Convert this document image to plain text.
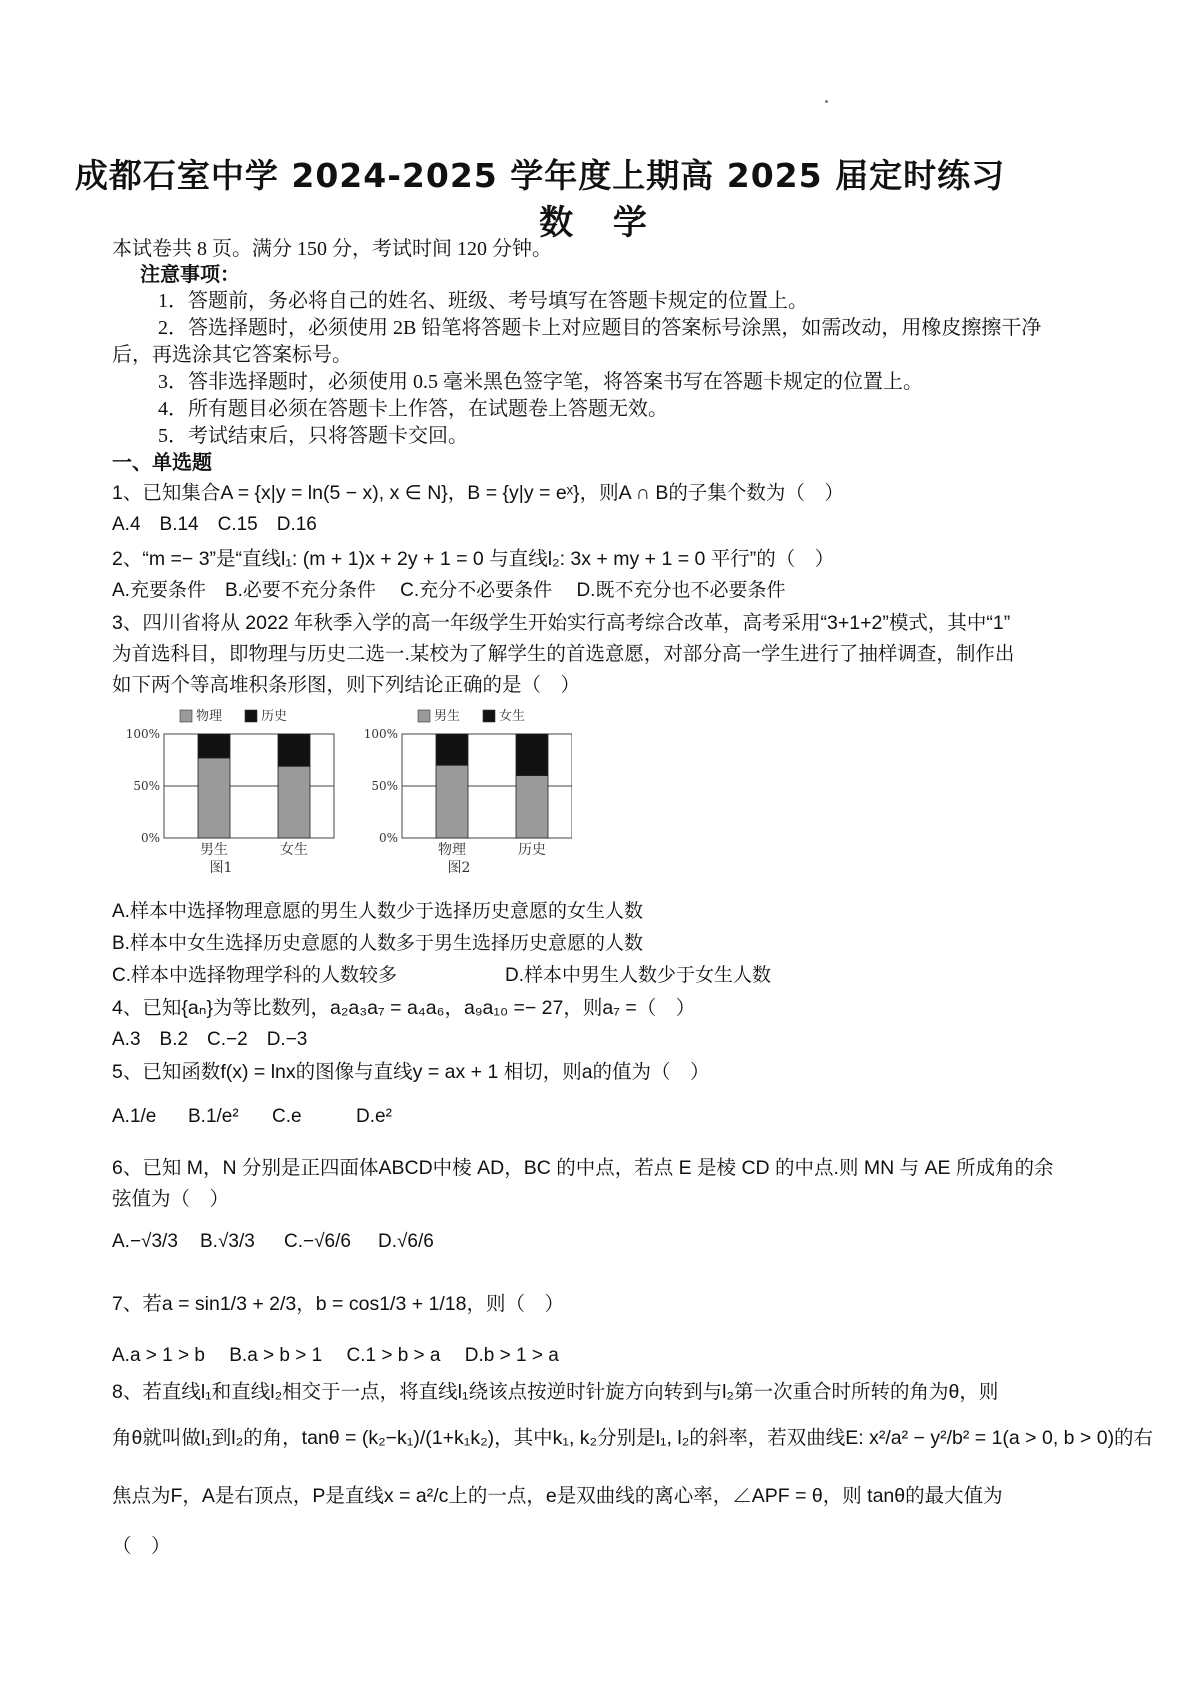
成都石室中学 2024-2025 学年度上期高 2025 届定时练习
数 学
本试卷共 8 页。满分 150 分，考试时间 120 分钟。
注意事项：
1．答题前，务必将自己的姓名、班级、考号填写在答题卡规定的位置上。
2．答选择题时，必须使用 2B 铅笔将答题卡上对应题目的答案标号涂黑，如需改动，用橡皮擦擦干净
后，再选涂其它答案标号。
3．答非选择题时，必须使用 0.5 毫米黑色签字笔，将答案书写在答题卡规定的位置上。
4．所有题目必须在答题卡上作答，在试题卷上答题无效。
5．考试结束后，只将答题卡交回。
一、单选题
1、已知集合A = {x|y = ln(5 − x), x ∈ N}，B = {y|y = eˣ}，则A ∩ B的子集个数为（　）
A.4　B.14　C.15　D.16
2、“m =− 3”是“直线l₁: (m + 1)x + 2y + 1 = 0 与直线l₂: 3x + my + 1 = 0 平行”的（　）
A.充要条件　B.必要不充分条件　 C.充分不必要条件　 D.既不充分也不必要条件
3、四川省将从 2022 年秋季入学的高一年级学生开始实行高考综合改革，高考采用“3+1+2”模式，其中“1”
为首选科目，即物理与历史二选一.某校为了解学生的首选意愿，对部分高一学生进行了抽样调查，制作出
如下两个等高堆积条形图，则下列结论正确的是（　）
物理	历史
0%
50%
100%
男生	女生
图1
男生	女生
0%
50%
100%
物理	历史
图2
A.样本中选择物理意愿的男生人数少于选择历史意愿的女生人数
B.样本中女生选择历史意愿的人数多于男生选择历史意愿的人数
C.样本中选择物理学科的人数较多	D.样本中男生人数少于女生人数
4、已知{aₙ}为等比数列，a₂a₃a₇ = a₄a₆，a₉a₁₀ =− 27，则a₇ =（　）
A.3　B.2　C.−2　D.−3
5、已知函数f(x) = lnx的图像与直线y = ax + 1 相切，则a的值为（　）
A.1/e B.1/e² C.e	D.e²
6、已知 M，N 分别是正四面体ABCD中棱 AD，BC 的中点，若点 E 是棱 CD 的中点.则 MN 与 AE 所成角的余
弦值为（　）
A.−√3/3 B.√3/3 C.−√6/6 D.√6/6
7、若a = sin1/3 + 2/3，b = cos1/3 + 1/18，则（　）
A.a > 1 > b　 B.a > b > 1　 C.1 > b > a　 D.b > 1 > a
8、若直线l₁和直线l₂相交于一点，将直线l₁绕该点按逆时针旋方向转到与l₂第一次重合时所转的角为θ，则
角θ就叫做l₁到l₂的角，tanθ = (k₂−k₁)/(1+k₁k₂)，其中k₁, k₂分别是l₁, l₂的斜率，若双曲线E: x²/a² − y²/b² = 1(a > 0, b > 0)的右
焦点为F，A是右顶点，P是直线x = a²/c上的一点，e是双曲线的离心率，∠APF = θ，则 tanθ的最大值为
（　）
